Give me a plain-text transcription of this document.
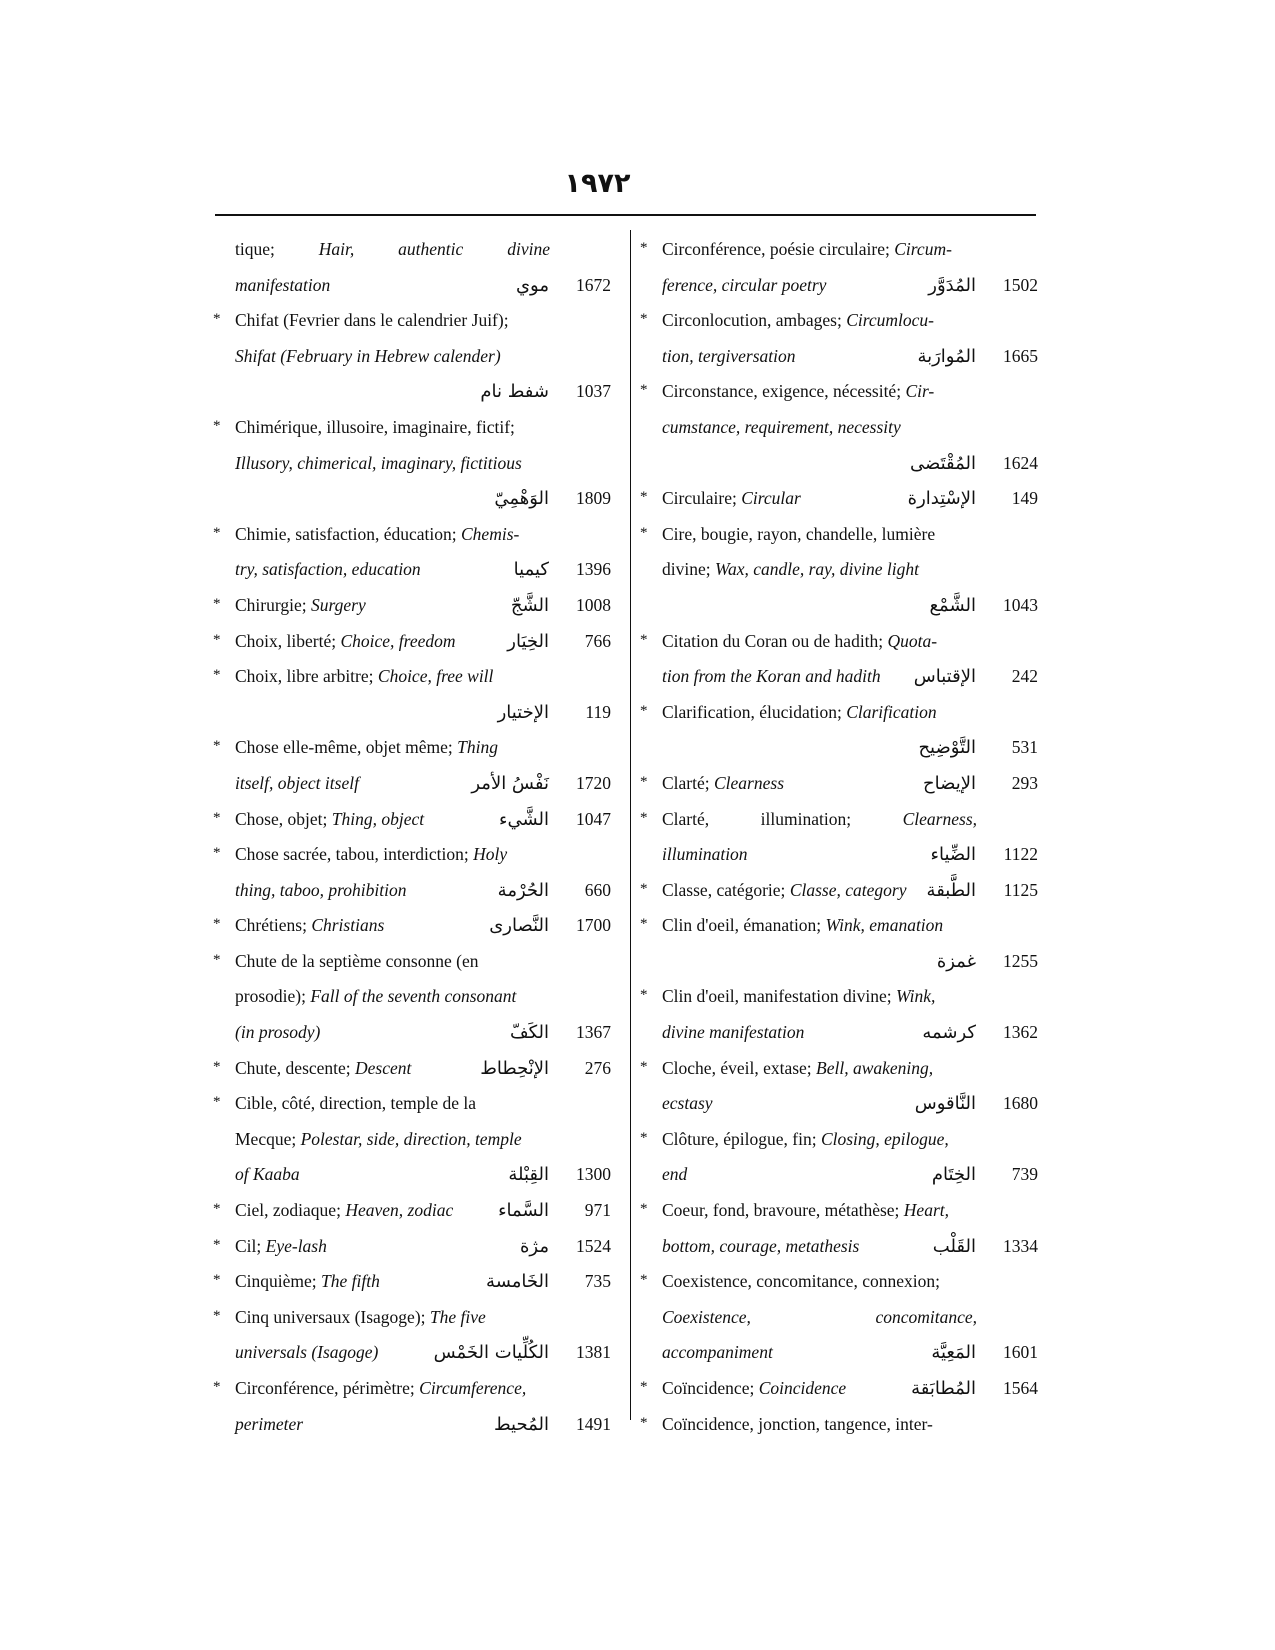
١٩٧٢
tique;	Hair,	authentic	divine
manifestation	موي	1672
* Chifat (Fevrier dans le calendrier Juif);
Shifat (February in Hebrew calender)
شفط نام	1037
* Chimérique, illusoire, imaginaire, fictif;
Illusory, chimerical, imaginary, fictitious
الوَهْمِيّ	1809
* Chimie, satisfaction, éducation; Chemis-
try, satisfaction, education	كيميا	1396
* Chirurgie; Surgery	الشَّجّ	1008
* Choix, liberté; Choice, freedom	الخِيَار	766
* Choix, libre arbitre; Choice, free will
الإختيار	119
* Chose elle-même, objet même; Thing
itself, object itself	نَفْسُ الأمر	1720
* Chose, objet; Thing, object	الشَّيء	1047
* Chose sacrée, tabou, interdiction; Holy
thing, taboo, prohibition	الحُرْمة	660
* Chrétiens; Christians	النَّصارى	1700
* Chute de la septième consonne (en
prosodie); Fall of the seventh consonant
(in prosody)	الكَفّ	1367
* Chute, descente; Descent	الإنْحِطاط	276
* Cible, côté, direction, temple de la
Mecque; Polestar, side, direction, temple
of Kaaba	القِبْلة	1300
* Ciel, zodiaque; Heaven, zodiac السَّماء	971
* Cil; Eye-lash	مژة	1524
* Cinquième; The fifth	الخَامسة	735
* Cinq universaux (Isagoge); The five
universals (Isagoge)	الكُلِّيات الخَمْس	1381
* Circonférence, périmètre; Circumference,
perimeter	المُحيط	1491
* Circonférence, poésie circulaire; Circum-
ference, circular poetry	المُدَوَّر	1502
* Circonlocution, ambages; Circumlocu-
tion, tergiversation	المُوارَبة	1665
* Circonstance, exigence, nécessité; Cir-
cumstance, requirement, necessity
المُقْتَضى	1624
* Circulaire; Circular	الإسْتِدارة	149
* Cire, bougie, rayon, chandelle, lumière
divine; Wax, candle, ray, divine light
الشَّمْع	1043
* Citation du Coran ou de hadith; Quota-
tion from the Koran and hadith الإقتباس	242
* Clarification, élucidation; Clarification
التَّوْضِيح	531
* Clarté; Clearness	الإيضاح	293
* Clarté,	illumination;	Clearness,
illumination	الضِّياء	1122
* Classe, catégorie; Classe, category الطَّبقة	1125
* Clin d'oeil, émanation; Wink, emanation
غمزة	1255
* Clin d'oeil, manifestation divine; Wink,
divine manifestation	كرشمه	1362
* Cloche, éveil, extase; Bell, awakening,
ecstasy	النَّاقوس	1680
* Clôture, épilogue, fin; Closing, epilogue,
end	الخِتَام	739
* Coeur, fond, bravoure, métathèse; Heart,
bottom, courage, metathesis	القَلْب	1334
* Coexistence, concomitance, connexion;
Coexistence,	concomitance,
accompaniment	المَعِيَّة	1601
* Coïncidence; Coincidence	المُطابَقة	1564
* Coïncidence, jonction, tangence, inter-
